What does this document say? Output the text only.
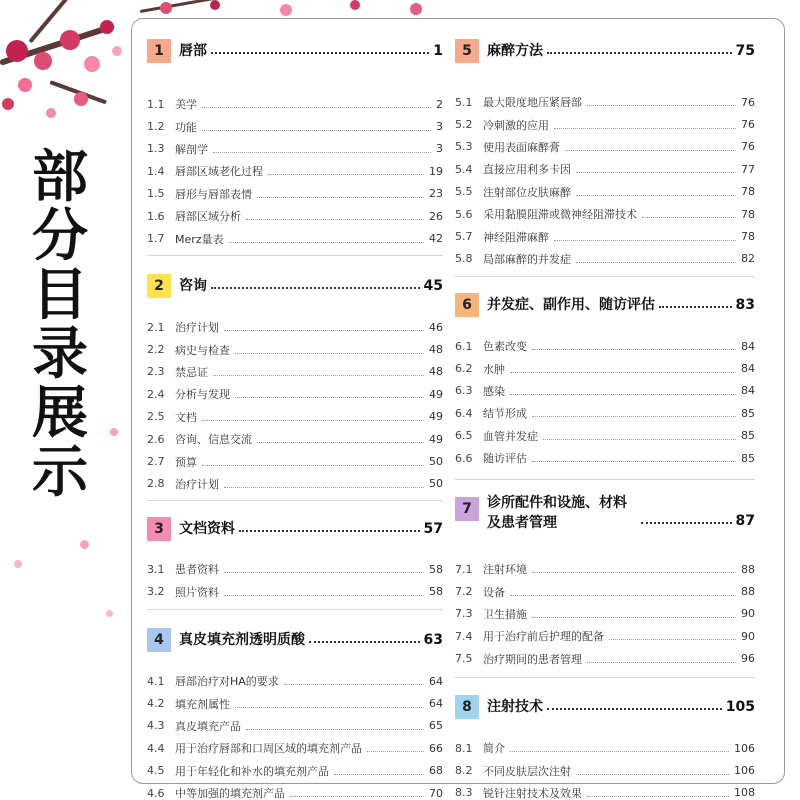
部
分
目
录
展
示
1	唇部	1
1.1 美学	2
1.2 功能	3
1.3 解剖学	3
1.4 唇部区域老化过程	19
1.5 唇形与唇部表情	23
1.6 唇部区域分析	26
1.7 Merz量表	42
2	咨询	45
2.1 治疗计划	46
2.2 病史与检查	48
2.3 禁忌证	48
2.4 分析与发现	49
2.5 文档	49
2.6 咨询、信息交流	49
2.7 预算	50
2.8 治疗计划	50
3	文档资料	57
3.1 患者资料	58
3.2 照片资料	58
4	真皮填充剂透明质酸	63
4.1 唇部治疗对HA的要求	64
4.2 填充剂属性	64
4.3 真皮填充产品	65
4.4 用于治疗唇部和口周区域的填充剂产品	66
4.5 用于年轻化和补水的填充剂产品	68
4.6 中等加强的填充剂产品	70
5	麻醉方法	75
5.1 最大限度地压紧唇部	76
5.2 冷刺激的应用	76
5.3 使用表面麻醉膏	76
5.4 直接应用利多卡因	77
5.5 注射部位皮肤麻醉	78
5.6 采用黏膜阻滞或微神经阻滞技术	78
5.7 神经阻滞麻醉	78
5.8 局部麻醉的并发症	82
6	并发症、副作用、随访评估	83
6.1 色素改变	84
6.2 水肿	84
6.3 感染	84
6.4 结节形成	85
6.5 血管并发症	85
6.6 随访评估	85
7	诊所配件和设施、材料及患者管理	87
7.1 注射环境	88
7.2 设备	88
7.3 卫生措施	90
7.4 用于治疗前后护理的配备	90
7.5 治疗期间的患者管理	96
8	注射技术	105
8.1 简介	106
8.2 不同皮肤层次注射	106
8.3 锐针注射技术及效果	108
